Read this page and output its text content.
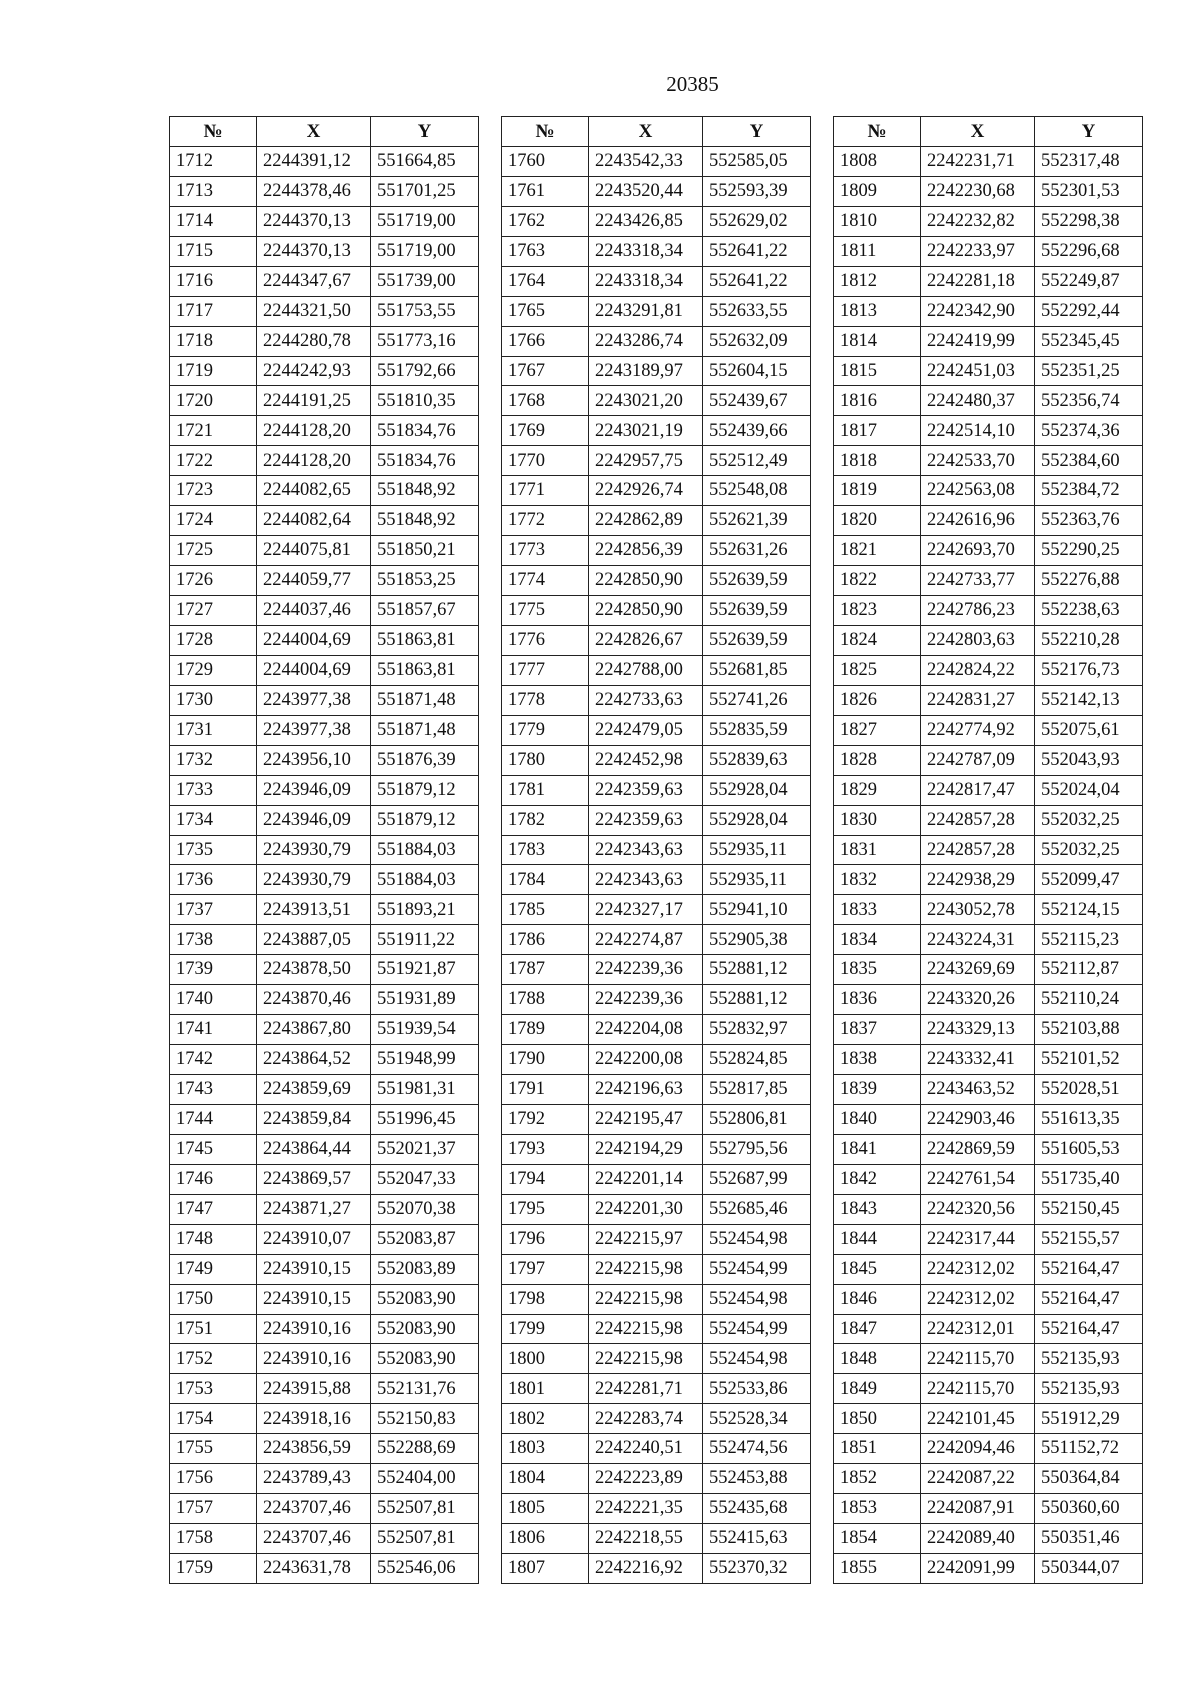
20385
№	X	Y
1712	2244391,12	551664,85
1713	2244378,46	551701,25
1714	2244370,13	551719,00
1715	2244370,13	551719,00
1716	2244347,67	551739,00
1717	2244321,50	551753,55
1718	2244280,78	551773,16
1719	2244242,93	551792,66
1720	2244191,25	551810,35
1721	2244128,20	551834,76
1722	2244128,20	551834,76
1723	2244082,65	551848,92
1724	2244082,64	551848,92
1725	2244075,81	551850,21
1726	2244059,77	551853,25
1727	2244037,46	551857,67
1728	2244004,69	551863,81
1729	2244004,69	551863,81
1730	2243977,38	551871,48
1731	2243977,38	551871,48
1732	2243956,10	551876,39
1733	2243946,09	551879,12
1734	2243946,09	551879,12
1735	2243930,79	551884,03
1736	2243930,79	551884,03
1737	2243913,51	551893,21
1738	2243887,05	551911,22
1739	2243878,50	551921,87
1740	2243870,46	551931,89
1741	2243867,80	551939,54
1742	2243864,52	551948,99
1743	2243859,69	551981,31
1744	2243859,84	551996,45
1745	2243864,44	552021,37
1746	2243869,57	552047,33
1747	2243871,27	552070,38
1748	2243910,07	552083,87
1749	2243910,15	552083,89
1750	2243910,15	552083,90
1751	2243910,16	552083,90
1752	2243910,16	552083,90
1753	2243915,88	552131,76
1754	2243918,16	552150,83
1755	2243856,59	552288,69
1756	2243789,43	552404,00
1757	2243707,46	552507,81
1758	2243707,46	552507,81
1759	2243631,78	552546,06
№	X	Y
1760	2243542,33	552585,05
1761	2243520,44	552593,39
1762	2243426,85	552629,02
1763	2243318,34	552641,22
1764	2243318,34	552641,22
1765	2243291,81	552633,55
1766	2243286,74	552632,09
1767	2243189,97	552604,15
1768	2243021,20	552439,67
1769	2243021,19	552439,66
1770	2242957,75	552512,49
1771	2242926,74	552548,08
1772	2242862,89	552621,39
1773	2242856,39	552631,26
1774	2242850,90	552639,59
1775	2242850,90	552639,59
1776	2242826,67	552639,59
1777	2242788,00	552681,85
1778	2242733,63	552741,26
1779	2242479,05	552835,59
1780	2242452,98	552839,63
1781	2242359,63	552928,04
1782	2242359,63	552928,04
1783	2242343,63	552935,11
1784	2242343,63	552935,11
1785	2242327,17	552941,10
1786	2242274,87	552905,38
1787	2242239,36	552881,12
1788	2242239,36	552881,12
1789	2242204,08	552832,97
1790	2242200,08	552824,85
1791	2242196,63	552817,85
1792	2242195,47	552806,81
1793	2242194,29	552795,56
1794	2242201,14	552687,99
1795	2242201,30	552685,46
1796	2242215,97	552454,98
1797	2242215,98	552454,99
1798	2242215,98	552454,98
1799	2242215,98	552454,99
1800	2242215,98	552454,98
1801	2242281,71	552533,86
1802	2242283,74	552528,34
1803	2242240,51	552474,56
1804	2242223,89	552453,88
1805	2242221,35	552435,68
1806	2242218,55	552415,63
1807	2242216,92	552370,32
№	X	Y
1808	2242231,71	552317,48
1809	2242230,68	552301,53
1810	2242232,82	552298,38
1811	2242233,97	552296,68
1812	2242281,18	552249,87
1813	2242342,90	552292,44
1814	2242419,99	552345,45
1815	2242451,03	552351,25
1816	2242480,37	552356,74
1817	2242514,10	552374,36
1818	2242533,70	552384,60
1819	2242563,08	552384,72
1820	2242616,96	552363,76
1821	2242693,70	552290,25
1822	2242733,77	552276,88
1823	2242786,23	552238,63
1824	2242803,63	552210,28
1825	2242824,22	552176,73
1826	2242831,27	552142,13
1827	2242774,92	552075,61
1828	2242787,09	552043,93
1829	2242817,47	552024,04
1830	2242857,28	552032,25
1831	2242857,28	552032,25
1832	2242938,29	552099,47
1833	2243052,78	552124,15
1834	2243224,31	552115,23
1835	2243269,69	552112,87
1836	2243320,26	552110,24
1837	2243329,13	552103,88
1838	2243332,41	552101,52
1839	2243463,52	552028,51
1840	2242903,46	551613,35
1841	2242869,59	551605,53
1842	2242761,54	551735,40
1843	2242320,56	552150,45
1844	2242317,44	552155,57
1845	2242312,02	552164,47
1846	2242312,02	552164,47
1847	2242312,01	552164,47
1848	2242115,70	552135,93
1849	2242115,70	552135,93
1850	2242101,45	551912,29
1851	2242094,46	551152,72
1852	2242087,22	550364,84
1853	2242087,91	550360,60
1854	2242089,40	550351,46
1855	2242091,99	550344,07
